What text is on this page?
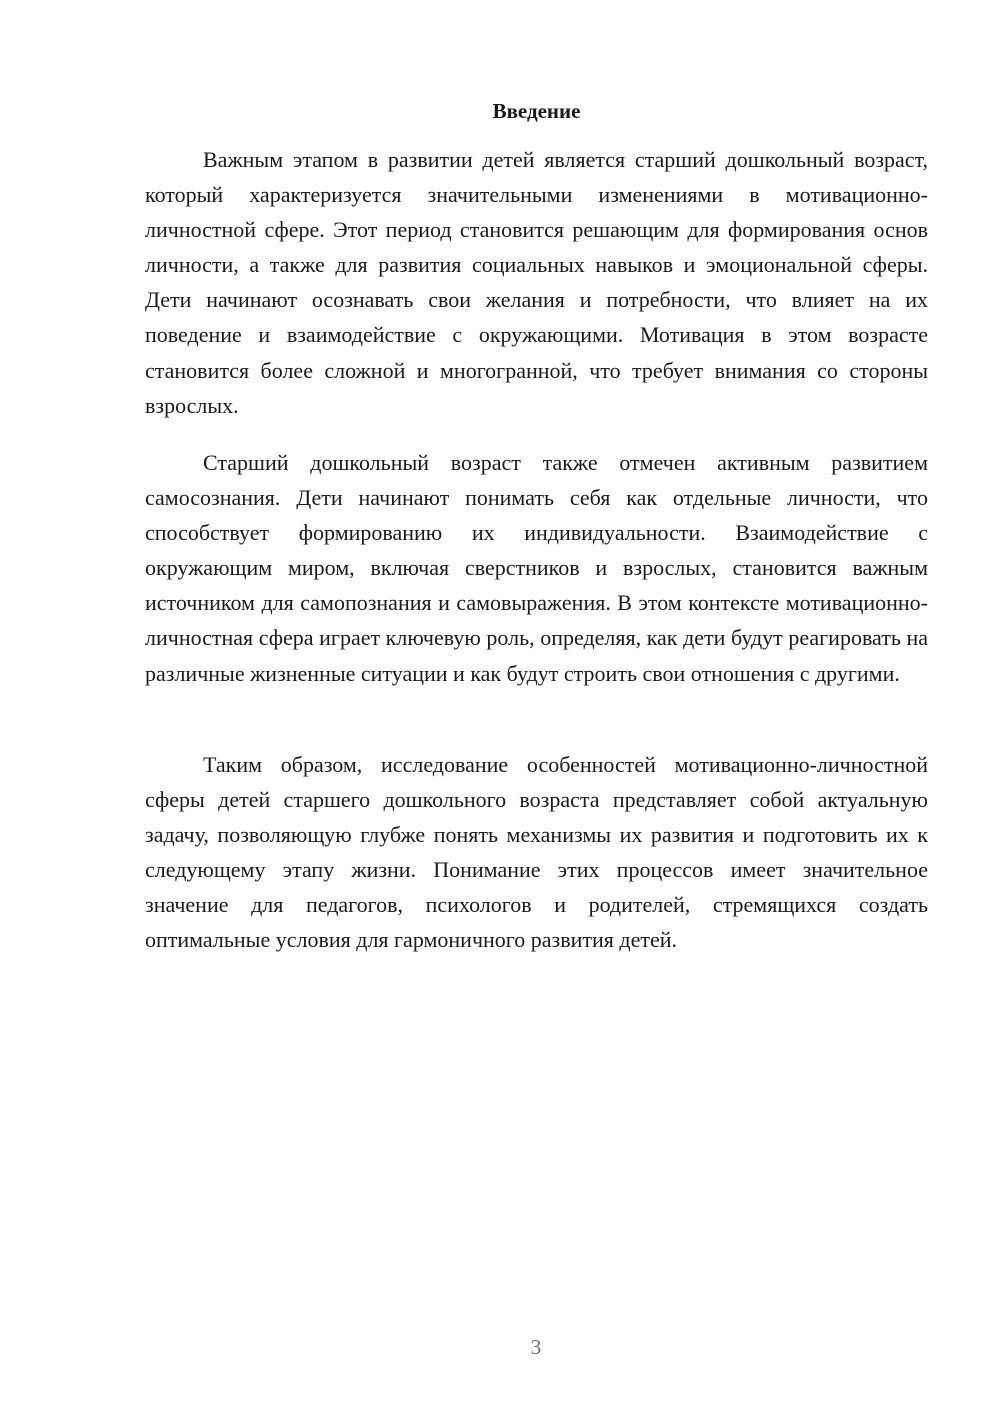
Введение

Важным этапом в развитии детей является старший дошкольный возраст, который характеризуется значительными изменениями в мотивационно-личностной сфере. Этот период становится решающим для формирования основ личности, а также для развития социальных навыков и эмоциональной сферы. Дети начинают осознавать свои желания и потребности, что влияет на их поведение и взаимодействие с окружающими. Мотивация в этом возрасте становится более сложной и многогранной, что требует внимания со стороны взрослых.

Старший дошкольный возраст также отмечен активным развитием самосознания. Дети начинают понимать себя как отдельные личности, что способствует формированию их индивидуальности. Взаимодействие с окружающим миром, включая сверстников и взрослых, становится важным источником для самопознания и самовыражения. В этом контексте мотивационно-личностная сфера играет ключевую роль, определяя, как дети будут реагировать на различные жизненные ситуации и как будут строить свои отношения с другими.

Таким образом, исследование особенностей мотивационно-личностной сферы детей старшего дошкольного возраста представляет собой актуальную задачу, позволяющую глубже понять механизмы их развития и подготовить их к следующему этапу жизни. Понимание этих процессов имеет значительное значение для педагогов, психологов и родителей, стремящихся создать оптимальные условия для гармоничного развития детей.

3
